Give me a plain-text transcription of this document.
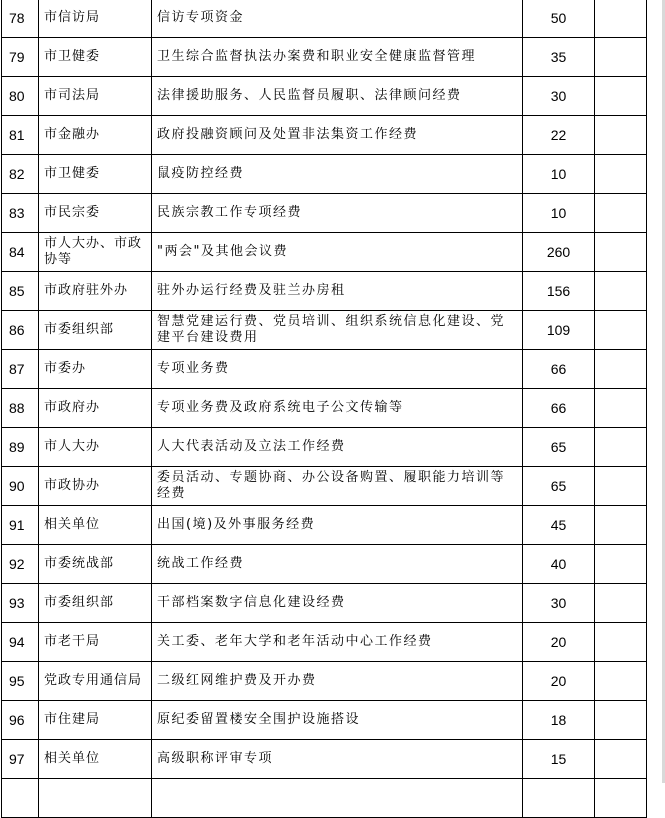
78	市信访局	信访专项资金	50	
79	市卫健委	卫生综合监督执法办案费和职业安全健康监督管理	35	
80	市司法局	法律援助服务、人民监督员履职、法律顾问经费	30	
81	市金融办	政府投融资顾问及处置非法集资工作经费	22	
82	市卫健委	鼠疫防控经费	10	
83	市民宗委	民族宗教工作专项经费	10	
84	市人大办、市政协等	"两会"及其他会议费	260	
85	市政府驻外办	驻外办运行经费及驻兰办房租	156	
86	市委组织部	智慧党建运行费、党员培训、组织系统信息化建设、党建平台建设费用	109	
87	市委办	专项业务费	66	
88	市政府办	专项业务费及政府系统电子公文传输等	66	
89	市人大办	人大代表活动及立法工作经费	65	
90	市政协办	委员活动、专题协商、办公设备购置、履职能力培训等经费	65	
91	相关单位	出国(境)及外事服务经费	45	
92	市委统战部	统战工作经费	40	
93	市委组织部	干部档案数字信息化建设经费	30	
94	市老干局	关工委、老年大学和老年活动中心工作经费	20	
95	党政专用通信局	二级红网维护费及开办费	20	
96	市住建局	原纪委留置楼安全围护设施搭设	18	
97	相关单位	高级职称评审专项	15	
